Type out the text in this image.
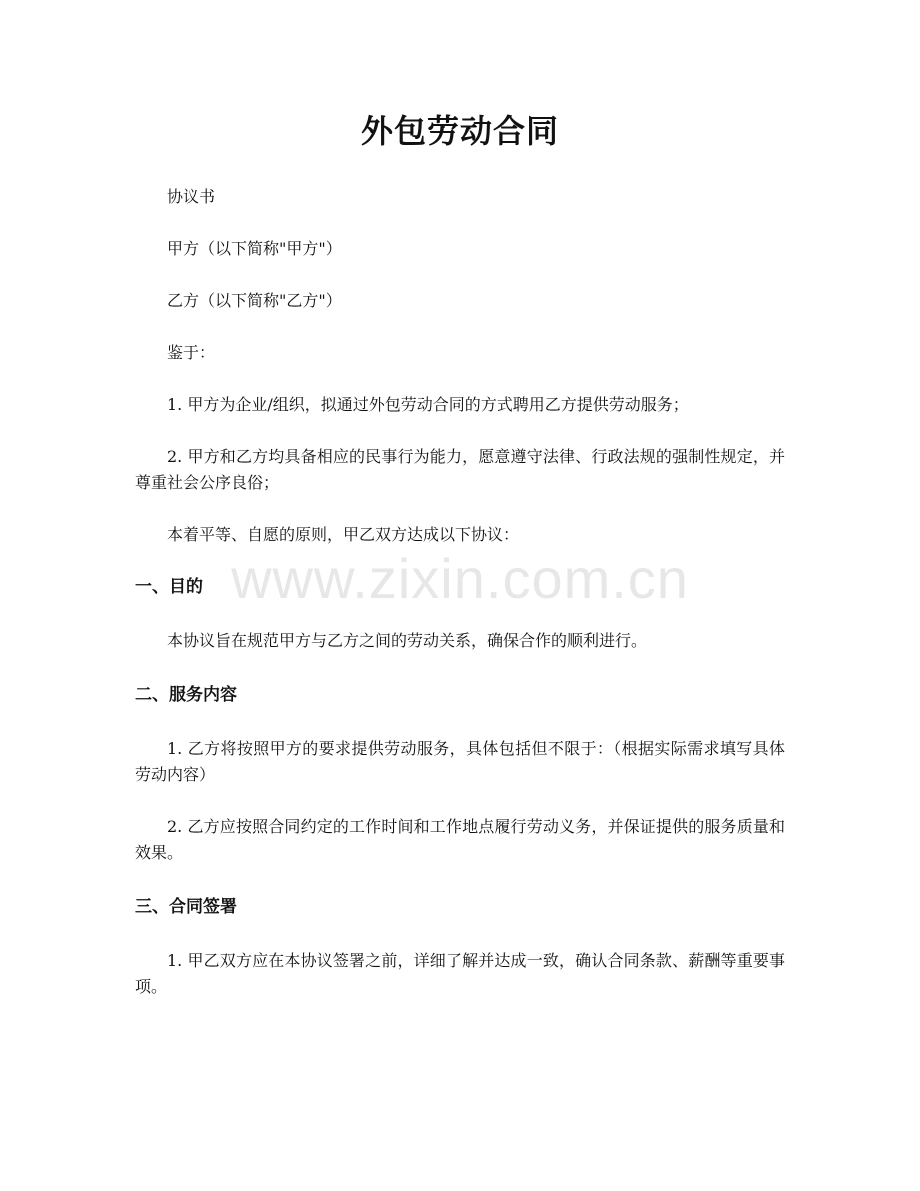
外包劳动合同

协议书

甲方（以下简称"甲方"）

乙方（以下简称"乙方"）

鉴于：

1. 甲方为企业/组织，拟通过外包劳动合同的方式聘用乙方提供劳动服务；

2. 甲方和乙方均具备相应的民事行为能力，愿意遵守法律、行政法规的强制性规定，并尊重社会公序良俗；

本着平等、自愿的原则，甲乙双方达成以下协议：

一、目的

本协议旨在规范甲方与乙方之间的劳动关系，确保合作的顺利进行。

二、服务内容

1. 乙方将按照甲方的要求提供劳动服务，具体包括但不限于：（根据实际需求填写具体劳动内容）

2. 乙方应按照合同约定的工作时间和工作地点履行劳动义务，并保证提供的服务质量和效果。

三、合同签署

1. 甲乙双方应在本协议签署之前，详细了解并达成一致，确认合同条款、薪酬等重要事项。

www.zixin.com.cn
